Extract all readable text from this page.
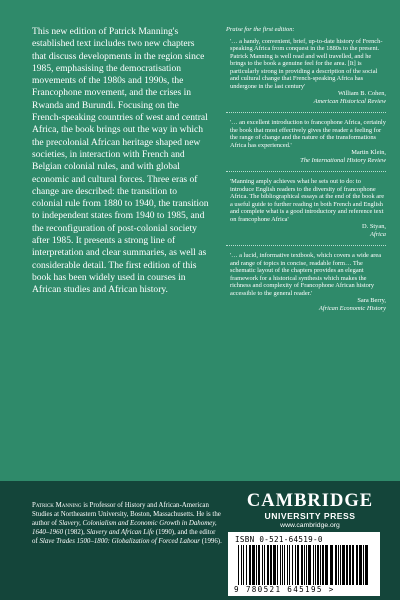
This new edition of Patrick Manning's established text includes two new chapters that discuss developments in the region since 1985, emphasising the democratisation movements of the 1980s and 1990s, the Francophone movement, and the crises in Rwanda and Burundi. Focusing on the French-speaking countries of west and central Africa, the book brings out the way in which the precolonial African heritage shaped new societies, in interaction with French and Belgian colonial rules, and with global economic and cultural forces. Three eras of change are described: the transition to colonial rule from 1880 to 1940, the transition to independent states from 1940 to 1985, and the reconfiguration of post-colonial society after 1985. It presents a strong line of interpretation and clear summaries, as well as considerable detail. The first edition of this book has been widely used in courses in African studies and African history.
Praise for the first edition:
'… a handy, convenient, brief, up-to-date history of French-speaking Africa from conquest in the 1880s to the present. Patrick Manning is well read and well travelled, and he brings to the book a genuine feel for the area. [It] is particularly strong in providing a description of the social and cultural change that French-speaking Africa has undergone in the last century'
William B. Cohen,
American Historical Review
'… an excellent introduction to francophone Africa, certainly the book that most effectively gives the reader a feeling for the range of change and the nature of the transformations Africa has experienced.'
Martin Klein,
The International History Review
'Manning amply achieves what he sets out to do: to introduce English readers to the diversity of francophone Africa. The bibliographical essays at the end of the book are a useful guide to further reading in both French and English and complete what is a good introductory and reference text on francophone Africa'
D. Styan,
Africa
'… a lucid, informative textbook, which covers a wide area and range of topics in concise, readable form… The schematic layout of the chapters provides an elegant framework for a historical synthesis which makes the richness and complexity of Francophone African history accessible to the general reader.'
Sara Berry,
African Economic History
Patrick Manning is Professor of History and African-American Studies at Northeastern University, Boston, Massachusetts. He is the author of Slavery, Colonialism and Economic Growth in Dahomey, 1640–1960 (1982), Slavery and African Life (1990), and the editor of Slave Trades 1500–1800: Globalization of Forced Labour (1996).
CAMBRIDGE
UNIVERSITY PRESS
www.cambridge.org
ISBN 0-521-64519-0
9 780521 645195 >
